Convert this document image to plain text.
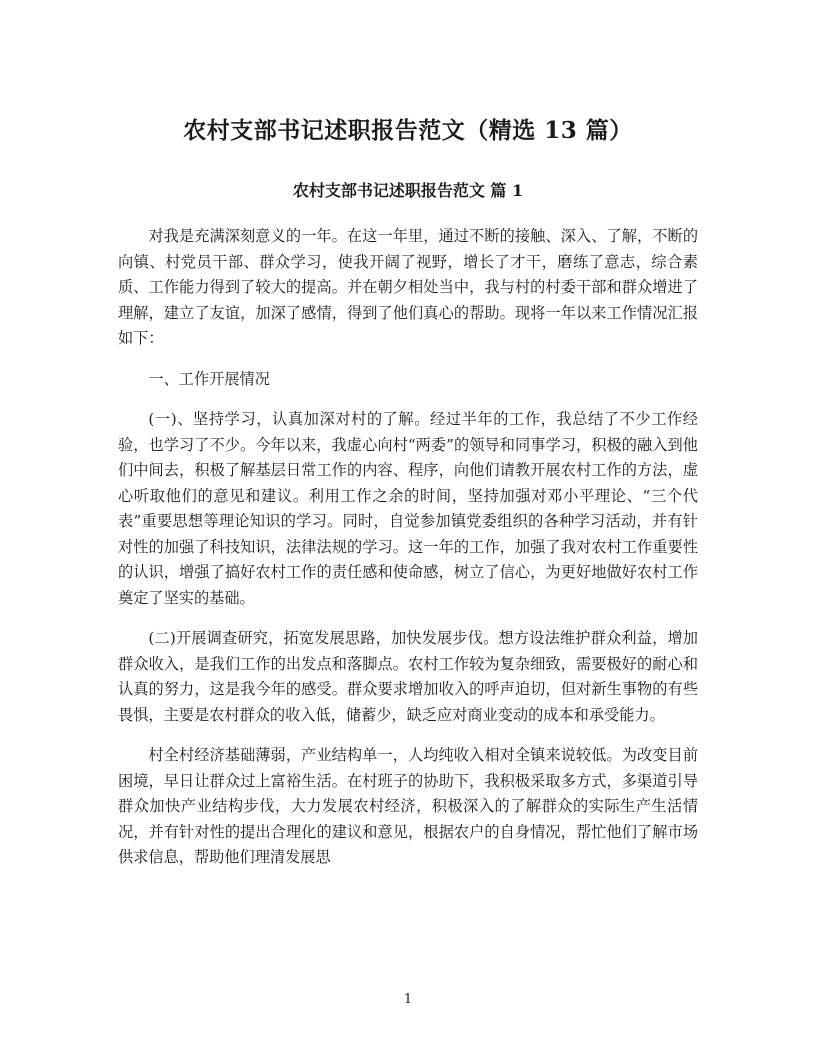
农村支部书记述职报告范文（精选 13 篇）
农村支部书记述职报告范文 篇 1

对我是充满深刻意义的一年。在这一年里，通过不断的接触、深入、了解，不断的向镇、村党员干部、群众学习，使我开阔了视野，增长了才干，磨练了意志，综合素质、工作能力得到了较大的提高。并在朝夕相处当中，我与村的村委干部和群众增进了理解，建立了友谊，加深了感情，得到了他们真心的帮助。现将一年以来工作情况汇报如下：

一、工作开展情况

(一)、坚持学习，认真加深对村的了解。经过半年的工作，我总结了不少工作经验，也学习了不少。今年以来，我虚心向村“两委”的领导和同事学习，积极的融入到他们中间去，积极了解基层日常工作的内容、程序，向他们请教开展农村工作的方法，虚心听取他们的意见和建议。利用工作之余的时间，坚持加强对邓小平理论、“三个代表”重要思想等理论知识的学习。同时，自觉参加镇党委组织的各种学习活动，并有针对性的加强了科技知识，法律法规的学习。这一年的工作，加强了我对农村工作重要性的认识，增强了搞好农村工作的责任感和使命感，树立了信心，为更好地做好农村工作奠定了坚实的基础。

(二)开展调查研究，拓宽发展思路，加快发展步伐。想方设法维护群众利益，增加群众收入，是我们工作的出发点和落脚点。农村工作较为复杂细致，需要极好的耐心和认真的努力，这是我今年的感受。群众要求增加收入的呼声迫切，但对新生事物的有些畏惧，主要是农村群众的收入低，储蓄少，缺乏应对商业变动的成本和承受能力。

村全村经济基础薄弱，产业结构单一，人均纯收入相对全镇来说较低。为改变目前困境，早日让群众过上富裕生活。在村班子的协助下，我积极采取多方式，多渠道引导群众加快产业结构步伐，大力发展农村经济，积极深入的了解群众的实际生产生活情况，并有针对性的提出合理化的建议和意见，根据农户的自身情况，帮忙他们了解市场供求信息，帮助他们理清发展思

1
